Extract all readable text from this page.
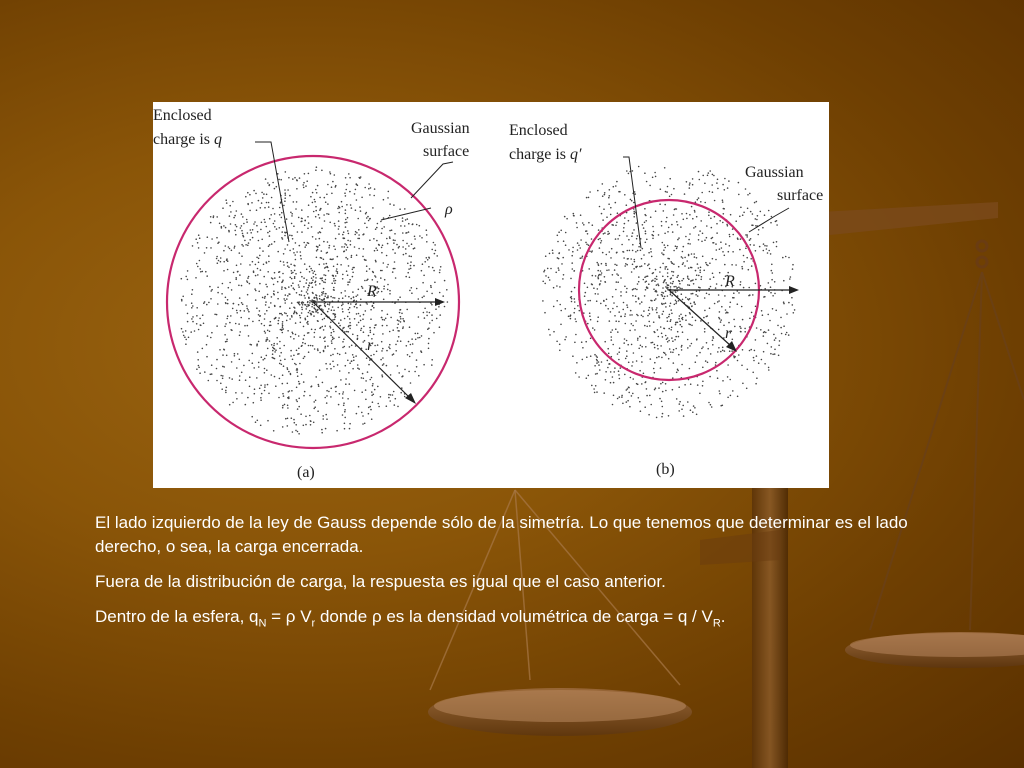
Enclosed
charge is q
Gaussian
surface
ρ
R
r
(a)
Enclosed
charge is q′
Gaussian
surface
R
r
(b)

El lado izquierdo de la ley de Gauss depende sólo de la simetría. Lo que tenemos que determinar es el lado derecho, o sea, la carga encerrada.

Fuera de la distribución de carga, la respuesta es igual que el caso anterior.

Dentro de la esfera, $q_N = \rho$ $V_r$ donde ρ es la densidad volumétrica de carga = q / $V_R$.
